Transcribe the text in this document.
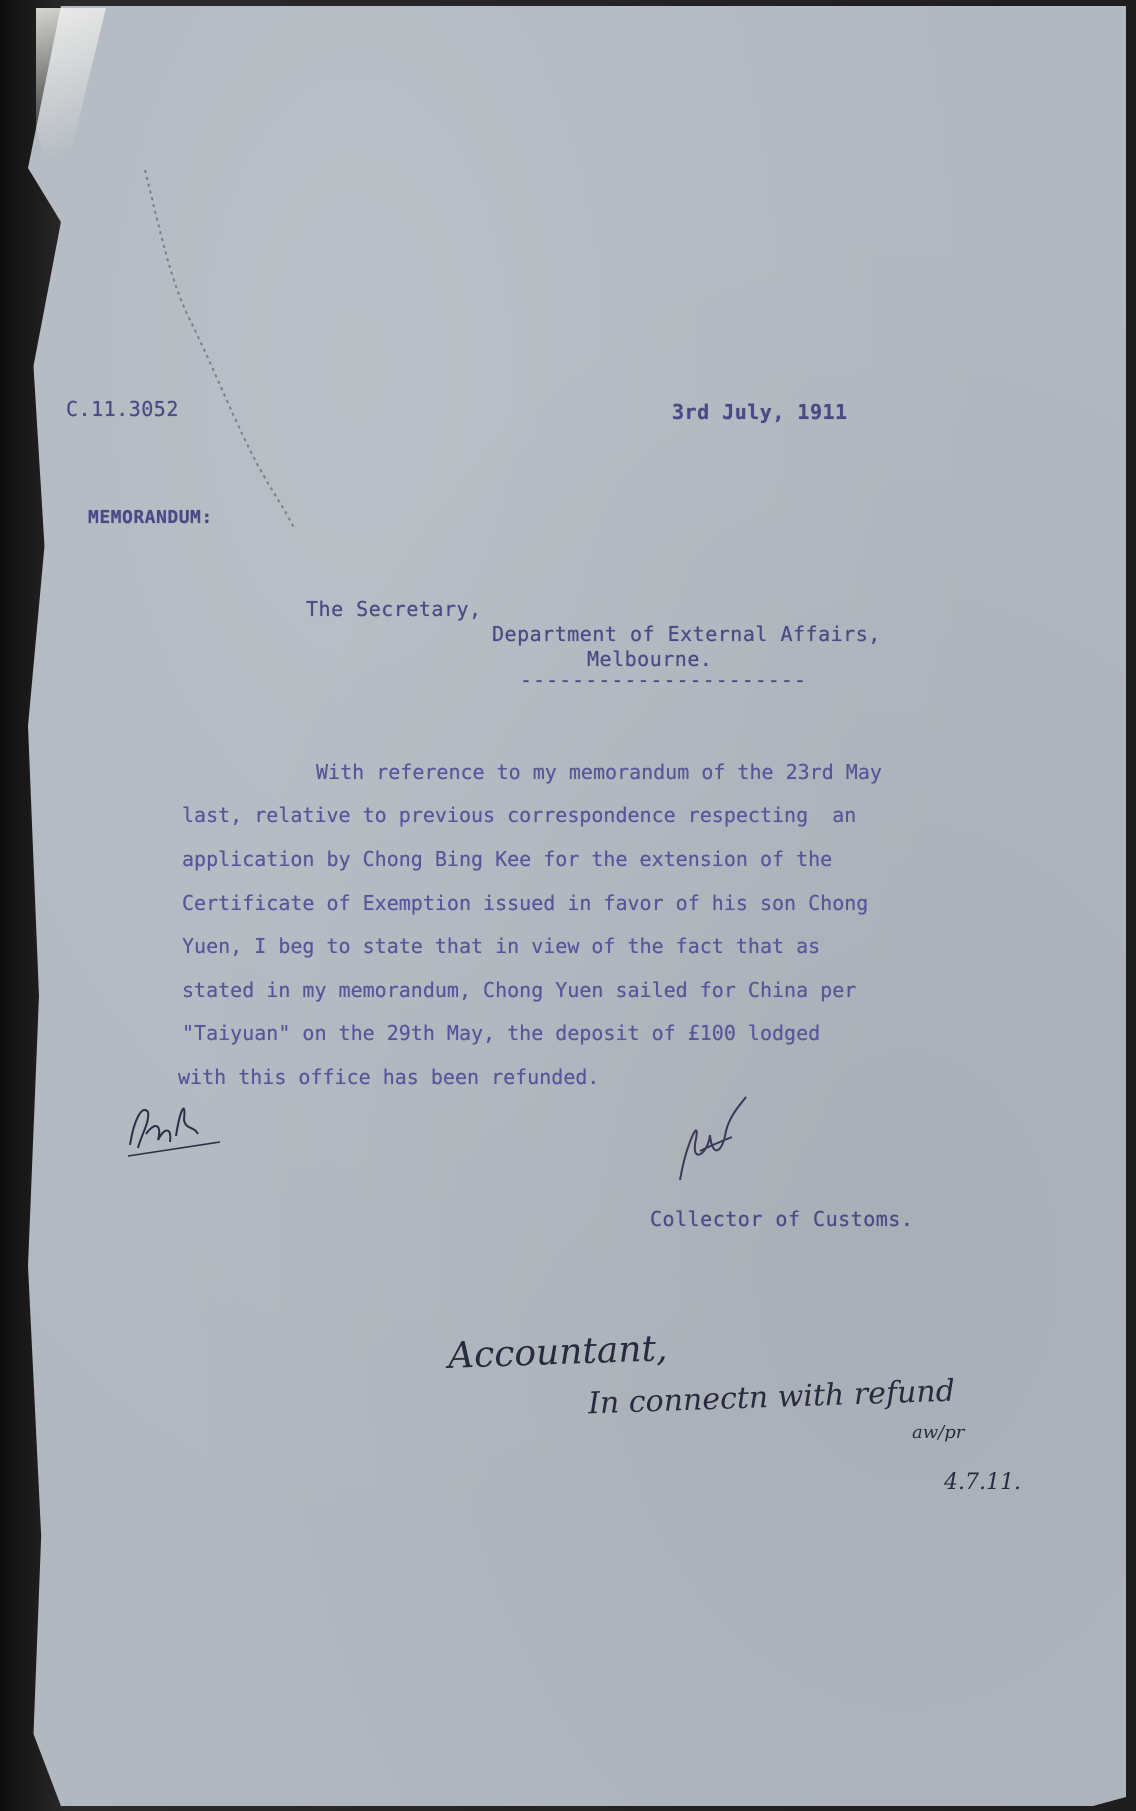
C.11.3052	3rd July, 1911
MEMORANDUM:
The Secretary,
Department of External Affairs,
Melbourne.
----------------------
With reference to my memorandum of the 23rd May
last, relative to previous correspondence respecting  an
application by Chong Bing Kee for the extension of the
Certificate of Exemption issued in favor of his son Chong
Yuen, I beg to state that in view of the fact that as
stated in my memorandum, Chong Yuen sailed for China per
"Taiyuan" on the 29th May, the deposit of £100 lodged
with this office has been refunded.
Collector of Customs.
Accountant,
In connectn with refund
aw/pr
4.7.11.
